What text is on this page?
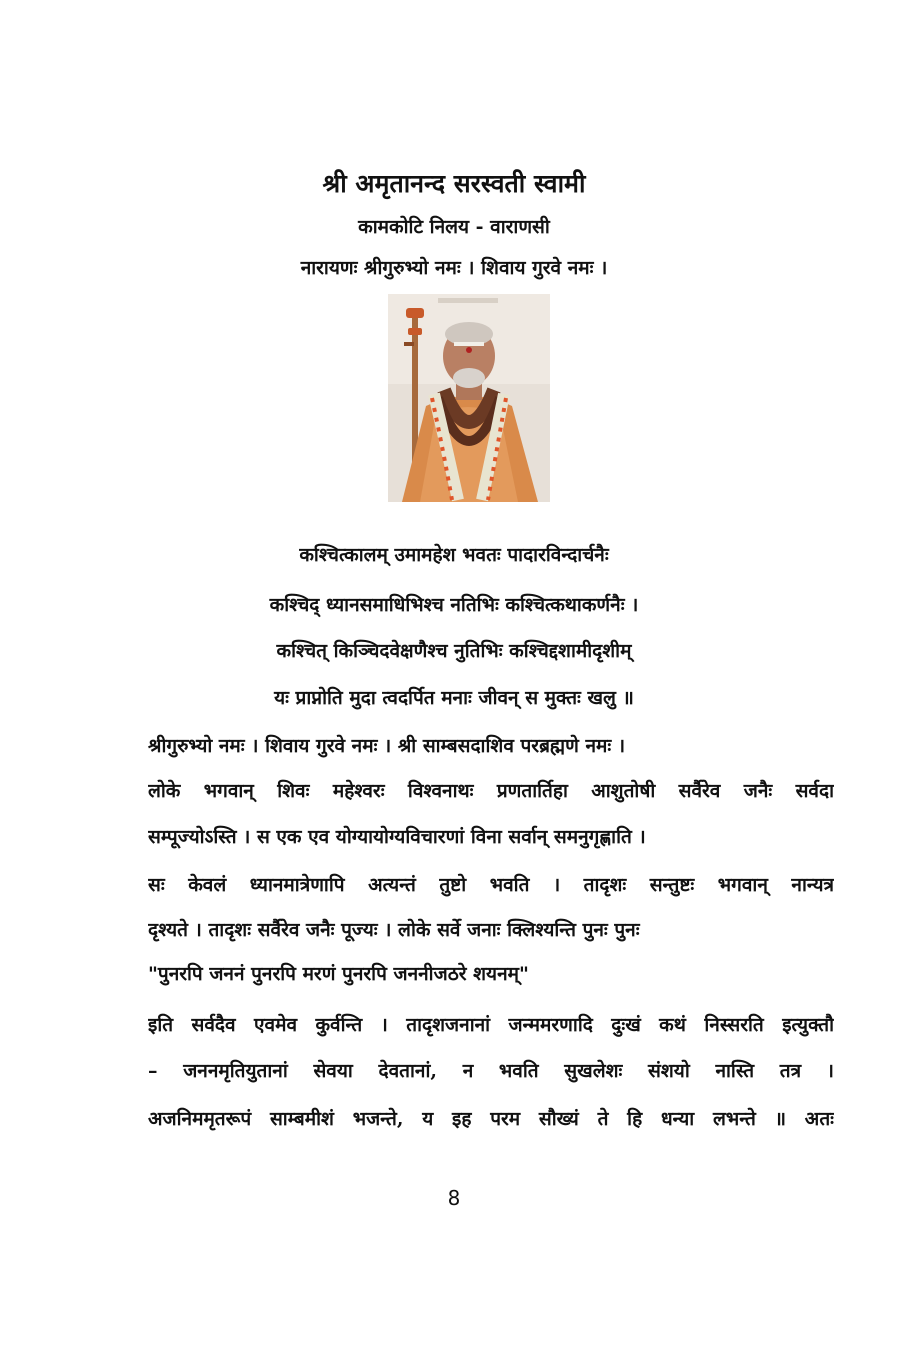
श्री अमृतानन्द सरस्वती स्वामी
कामकोटि निलय - वाराणसी
नारायणः श्रीगुरुभ्यो नमः । शिवाय गुरवे नमः ।
कश्चित्कालम् उमामहेश भवतः पादारविन्दार्चनैः
कश्चिद् ध्यानसमाधिभिश्च नतिभिः कश्चित्कथाकर्णनैः ।
कश्चित् किञ्चिदवेक्षणैश्च नुतिभिः कश्चिद्दशामीदृशीम्
यः प्राप्नोति मुदा त्वदर्पित मनाः जीवन् स मुक्तः खलु ॥
श्रीगुरुभ्यो नमः । शिवाय गुरवे नमः । श्री साम्बसदाशिव परब्रह्मणे नमः ।
लोके भगवान् शिवः महेश्वरः विश्वनाथः प्रणतार्तिहा आशुतोषी सर्वैरेव जनैः सर्वदा
सम्पूज्योऽस्ति । स एक एव योग्यायोग्यविचारणां विना सर्वान् समनुगृह्णाति ।
सः केवलं ध्यानमात्रेणापि अत्यन्तं तुष्टो भवति । तादृशः सन्तुष्टः भगवान् नान्यत्र
दृश्यते । तादृशः सर्वैरेव जनैः पूज्यः । लोके सर्वे जनाः क्लिश्यन्ति पुनः पुनः
"पुनरपि जननं पुनरपि मरणं पुनरपि जननीजठरे शयनम्"
इति सर्वदैव एवमेव कुर्वन्ति । तादृशजनानां जन्ममरणादि दुःखं कथं निस्सरति इत्युक्तौ
– जननमृतियुतानां सेवया देवतानां, न भवति सुखलेशः संशयो नास्ति तत्र ।
अजनिममृतरूपं साम्बमीशं भजन्ते, य इह परम सौख्यं ते हि धन्या लभन्ते ॥ अतः
8
